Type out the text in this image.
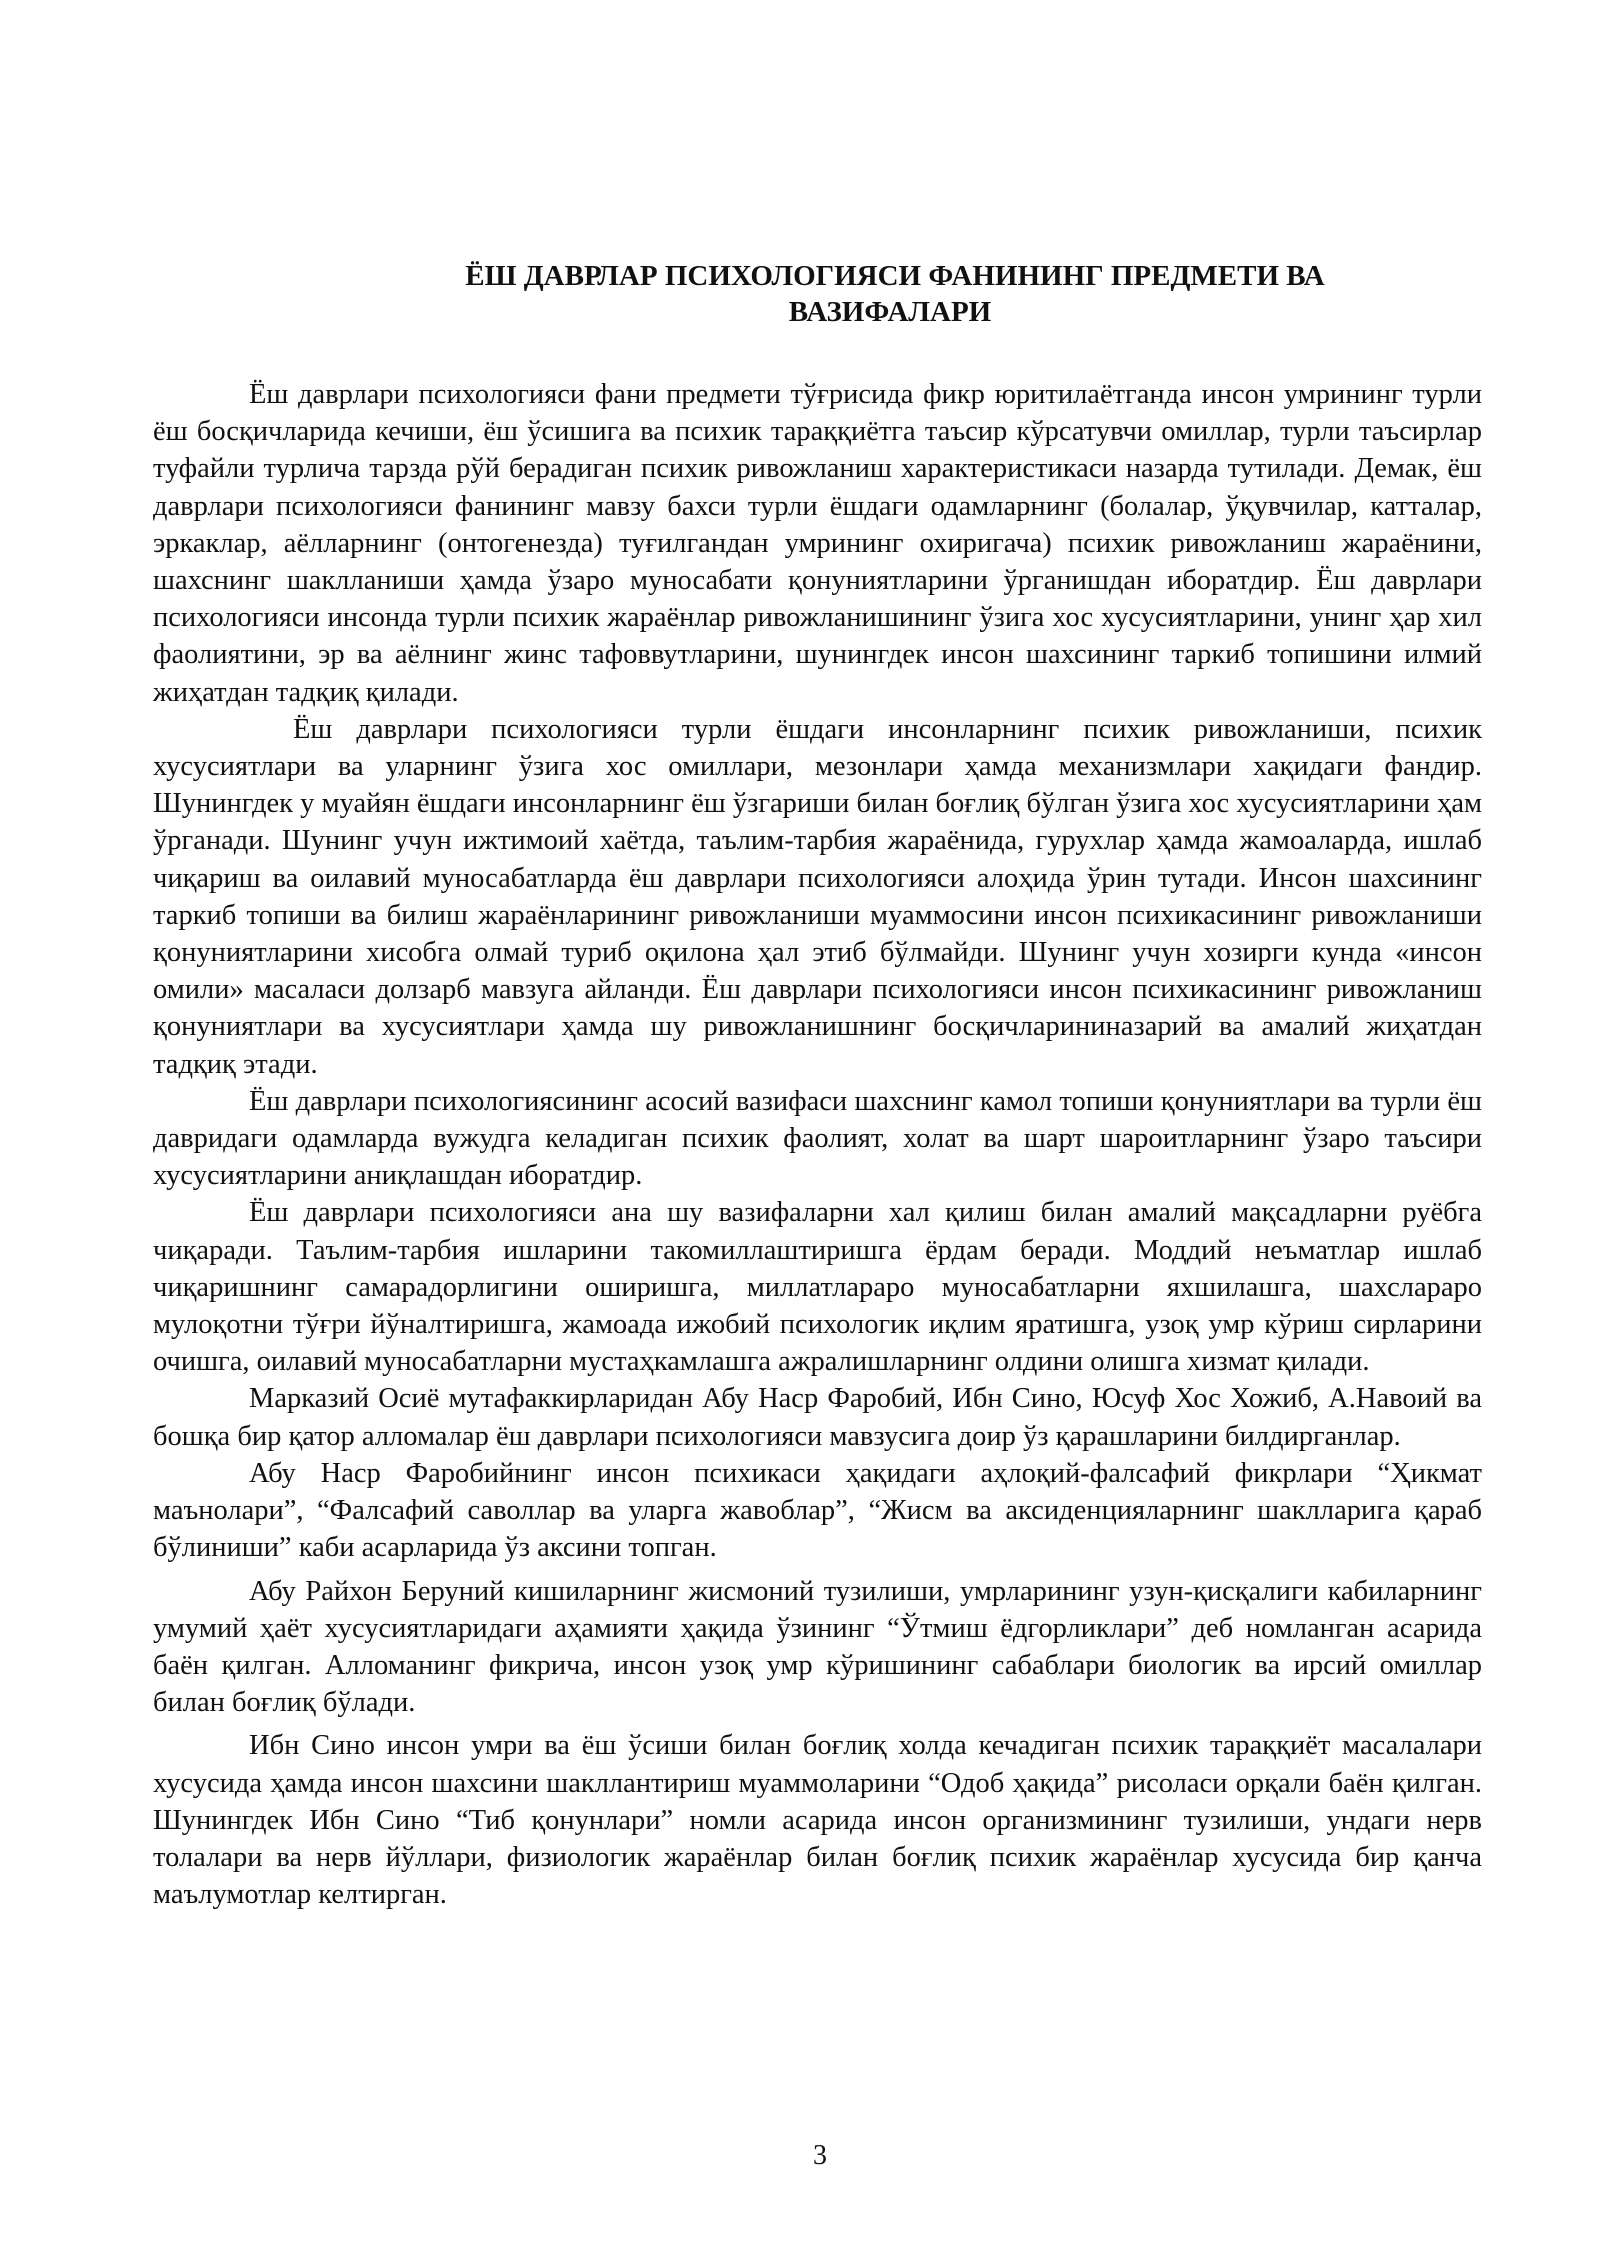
ЁШ ДАВРЛАР ПСИХОЛОГИЯСИ ФАНИНИНГ ПРЕДМЕТИ ВА
ВАЗИФАЛАРИ

Ёш даврлари психологияси фани предмети тўғрисида фикр юритилаётганда инсон умрининг турли ёш босқичларида кечиши, ёш ўсишига ва психик тараққиётга таъсир кўрсатувчи омиллар, турли таъсирлар туфайли турлича тарзда рўй берадиган психик ривожланиш характеристикаси назарда тутилади. Демак, ёш даврлари психологияси фанининг мавзу бахси турли ёшдаги одамларнинг (болалар, ўқувчилар, катталар, эркаклар, аёлларнинг (онтогенезда) туғилгандан умрининг охиригача) психик ривожланиш жараёнини, шахснинг шаклланиши ҳамда ўзаро муносабати қонуниятларини ўрганишдан иборатдир. Ёш даврлари психологияси инсонда турли психик жараёнлар ривожланишининг ўзига хос хусусиятларини, унинг ҳар хил фаолиятини, эр ва аёлнинг жинс тафоввутларини, шунингдек инсон шахсининг таркиб топишини илмий жиҳатдан тадқиқ қилади.

Ёш даврлари психологияси турли ёшдаги инсонларнинг психик ривожланиши, психик хусусиятлари ва уларнинг ўзига хос омиллари, мезонлари ҳамда механизмлари хақидаги фандир. Шунингдек у муайян ёшдаги инсонларнинг ёш ўзгариши билан боғлиқ бўлган ўзига хос хусусиятларини ҳам ўрганади. Шунинг учун ижтимоий хаётда, таълим-тарбия жараёнида, гурухлар ҳамда жамоаларда, ишлаб чиқариш ва оилавий муносабатларда ёш даврлари психологияси алоҳида ўрин тутади. Инсон шахсининг таркиб топиши ва билиш жараёнларининг ривожланиши муаммосини инсон психикасининг ривожланиши қонуниятларини хисобга олмай туриб оқилона ҳал этиб бўлмайди. Шунинг учун хозирги кунда «инсон омили» масаласи долзарб мавзуга айланди. Ёш даврлари психологияси инсон психикасининг ривожланиш қонуниятлари ва хусусиятлари ҳамда шу ривожланишнинг босқичларининазарий ва амалий жиҳатдан тадқиқ этади.

Ёш даврлари психологиясининг асосий вазифаси шахснинг камол топиши қонуниятлари ва турли ёш давридаги одамларда вужудга келадиган психик фаолият, холат ва шарт шароитларнинг ўзаро таъсири хусусиятларини аниқлашдан иборатдир.

Ёш даврлари психологияси ана шу вазифаларни хал қилиш билан амалий мақсадларни руёбга чиқаради. Таълим-тарбия ишларини такомиллаштиришга ёрдам беради. Моддий неъматлар ишлаб чиқаришнинг самарадорлигини оширишга, миллатлараро муносабатларни яхшилашга, шахслараро мулоқотни тўғри йўналтиришга, жамоада ижобий психологик иқлим яратишга, узоқ умр кўриш сирларини очишга, оилавий муносабатларни мустаҳкамлашга ажралишларнинг олдини олишга хизмат қилади.

Марказий Осиё мутафаккирларидан Абу Наср Фаробий, Ибн Сино, Юсуф Хос Хожиб, А.Навоий ва бошқа бир қатор алломалар ёш даврлари психологияси мавзусига доир ўз қарашларини билдирганлар.

Абу Наср Фаробийнинг инсон психикаси ҳақидаги аҳлоқий-фалсафий фикрлари “Ҳикмат маънолари”, “Фалсафий саволлар ва уларга жавоблар”, “Жисм ва аксиденцияларнинг шаклларига қараб бўлиниши” каби асарларида ўз аксини топган.

Абу Райхон Беруний кишиларнинг жисмоний тузилиши, умрларининг узун-қисқалиги кабиларнинг умумий ҳаёт хусусиятларидаги аҳамияти ҳақида ўзининг “Ўтмиш ёдгорликлари” деб номланган асарида баён қилган. Алломанинг фикрича, инсон узоқ умр кўришининг сабаблари биологик ва ирсий омиллар билан боғлиқ бўлади.

Ибн Сино инсон умри ва ёш ўсиши билан боғлиқ холда кечадиган психик тараққиёт масалалари хусусида ҳамда инсон шахсини шакллантириш муаммоларини “Одоб ҳақида” рисоласи орқали баён қилган. Шунингдек Ибн Сино “Тиб қонунлари” номли асарида инсон организмининг тузилиши, ундаги нерв толалари ва нерв йўллари, физиологик жараёнлар билан боғлиқ психик жараёнлар хусусида бир қанча маълумотлар келтирган.

3
